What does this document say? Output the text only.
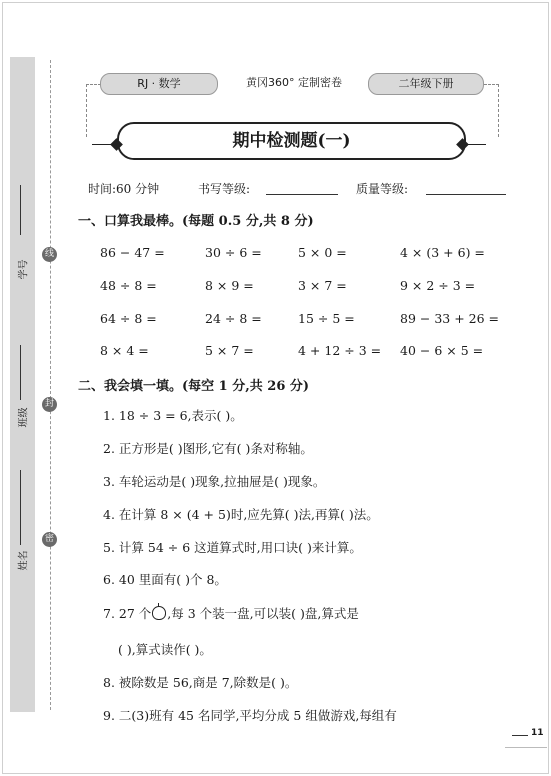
线
封
密
学号
班级
姓名
RJ · 数学	黄冈360° 定制密卷	二年级下册
期中检测题(一)
时间:60 分钟	书写等级:	质量等级:
一、口算我最棒。(每题 0.5 分,共 8 分)
86 − 47 =	30 ÷ 6 =	5 × 0 =	4 × (3 + 6) =
48 ÷ 8 =	8 × 9 =	3 × 7 =	9 × 2 ÷ 3 =
64 ÷ 8 =	24 ÷ 8 =	15 ÷ 5 =	89 − 33 + 26 =
8 × 4 =	5 × 7 =	4 + 12 ÷ 3 = 40 − 6 × 5 =
二、我会填一填。(每空 1 分,共 26 分)
1. 18 ÷ 3 = 6,表示( )。
2. 正方形是( )图形,它有( )条对称轴。
3. 车轮运动是( )现象,拉抽屉是( )现象。
4. 在计算 8 × (4 + 5)时,应先算( )法,再算( )法。
5. 计算 54 ÷ 6 这道算式时,用口诀( )来计算。
6. 40 里面有( )个 8。
7. 27 个 ,每 3 个装一盘,可以装( )盘,算式是
( ),算式读作( )。
8. 被除数是 56,商是 7,除数是( )。
9. 二(3)班有 45 名同学,平均分成 5 组做游戏,每组有
11
